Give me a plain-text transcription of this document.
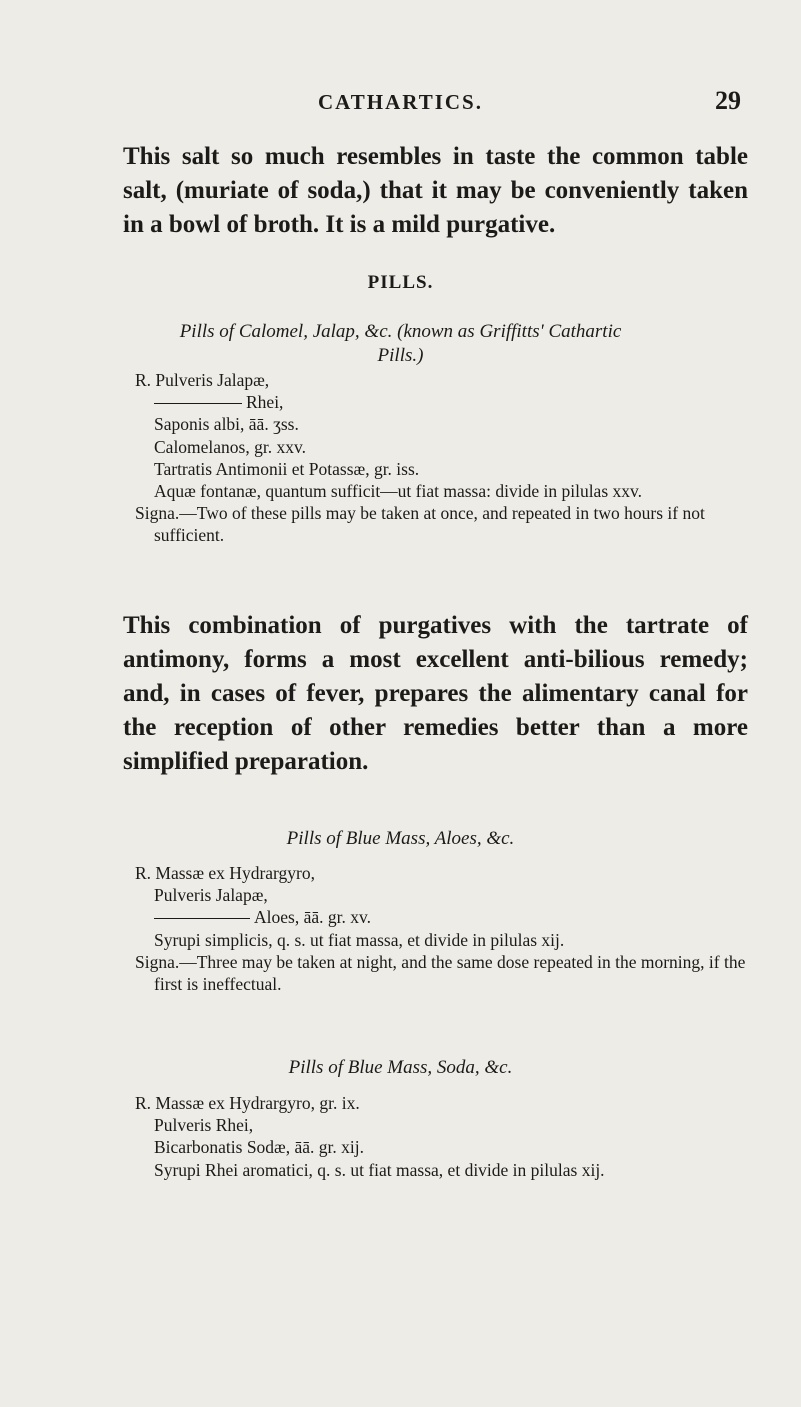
CATHARTICS.	29

This salt so much resembles in taste the common table salt, (muriate of soda,) that it may be conveniently taken in a bowl of broth. It is a mild purgative.

PILLS.
Pills of Calomel, Jalap, &c. (known as Griffitts' Cathartic
Pills.)
R. Pulveris Jalapæ,
Rhei,
Saponis albi, āā. ʒss.
Calomelanos, gr. xxv.
Tartratis Antimonii et Potassæ, gr. iss.
Aquæ fontanæ, quantum sufficit—ut fiat massa: divide in pilulas xxv.
Signa.—Two of these pills may be taken at once, and repeated in two hours if not sufficient.

This combination of purgatives with the tartrate of antimony, forms a most excellent anti-bilious remedy; and, in cases of fever, prepares the alimentary canal for the reception of other remedies better than a more simplified preparation.

Pills of Blue Mass, Aloes, &c.
R. Massæ ex Hydrargyro,
Pulveris Jalapæ,
Aloes, āā. gr. xv.
Syrupi simplicis, q. s. ut fiat massa, et divide in pilulas xij.
Signa.—Three may be taken at night, and the same dose repeated in the morning, if the first is ineffectual.
Pills of Blue Mass, Soda, &c.
R. Massæ ex Hydrargyro, gr. ix.
Pulveris Rhei,
Bicarbonatis Sodæ, āā. gr. xij.
Syrupi Rhei aromatici, q. s. ut fiat massa, et divide in pilulas xij.
